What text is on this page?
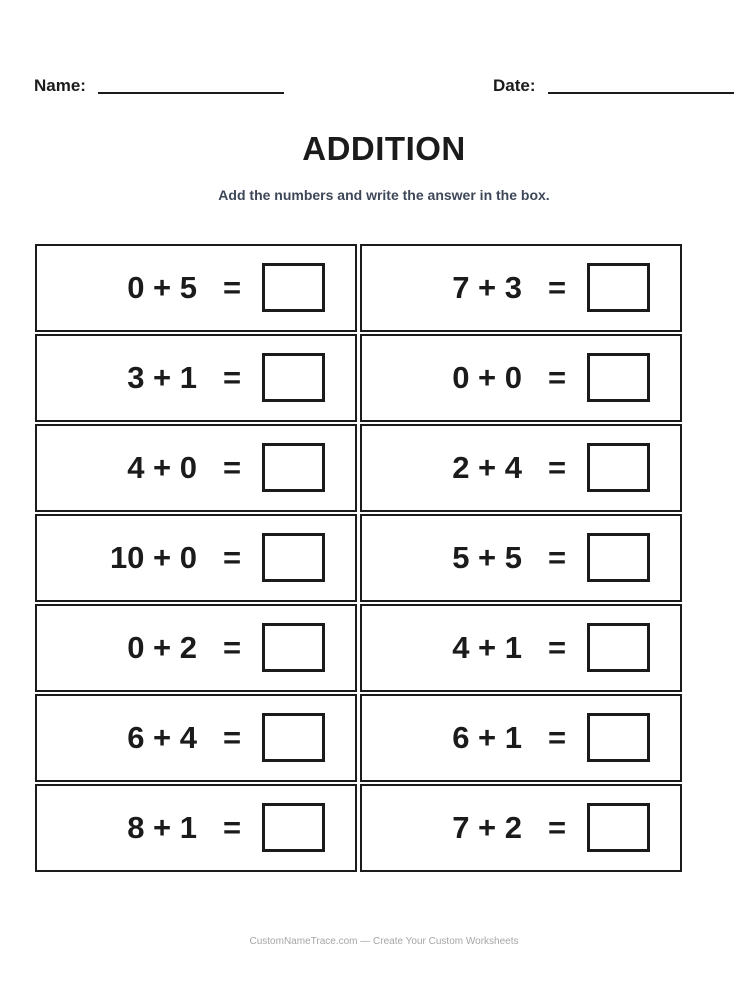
Name:	Date:
ADDITION
Add the numbers and write the answer in the box.
0 + 5 =	7 + 3 =
3 + 1 =	0 + 0 =
4 + 0 =	2 + 4 =
10 + 0 =	5 + 5 =
0 + 2 =	4 + 1 =
6 + 4 =	6 + 1 =
8 + 1 =	7 + 2 =
CustomNameTrace.com — Create Your Custom Worksheets
